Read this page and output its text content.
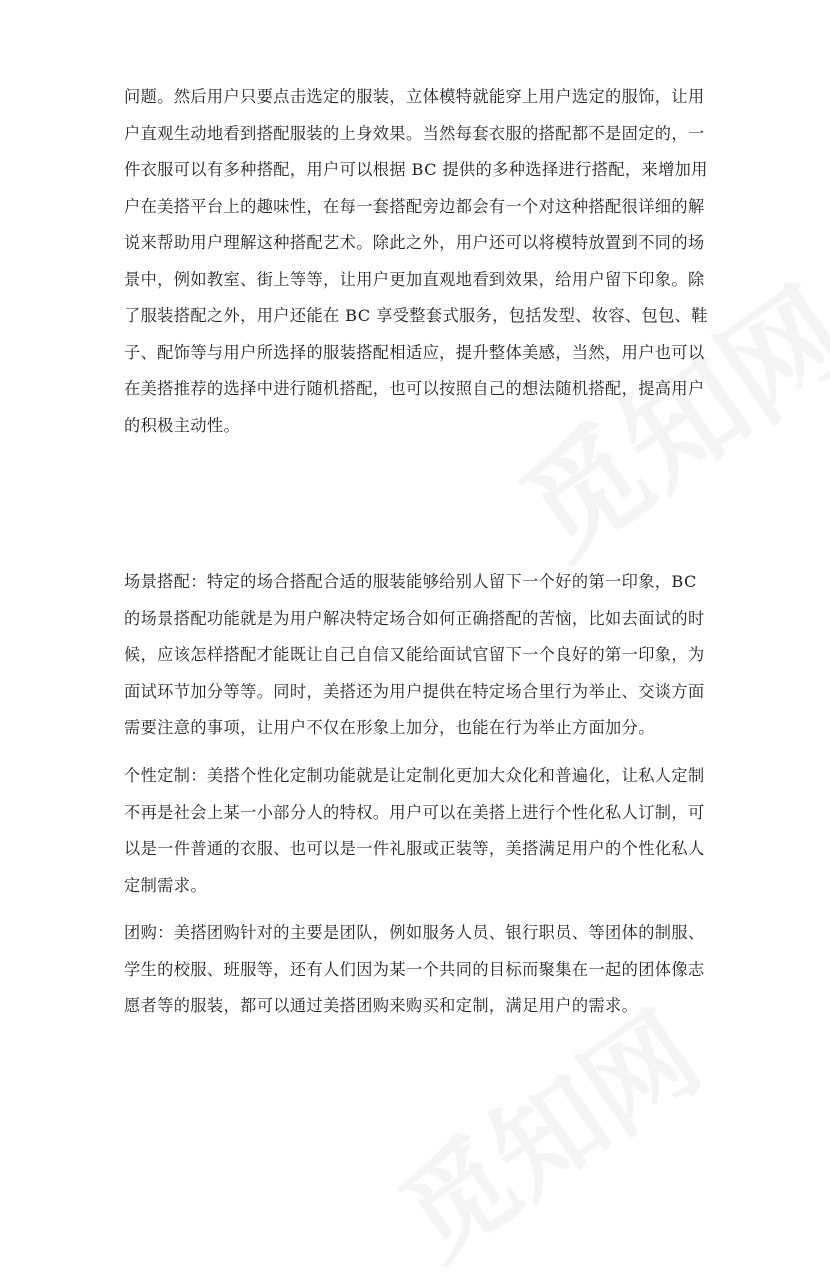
问题。然后用户只要点击选定的服装，立体模特就能穿上用户选定的服饰，让用
户直观生动地看到搭配服装的上身效果。当然每套衣服的搭配都不是固定的，一
件衣服可以有多种搭配，用户可以根据 BC 提供的多种选择进行搭配，来增加用
户在美搭平台上的趣味性，在每一套搭配旁边都会有一个对这种搭配很详细的解
说来帮助用户理解这种搭配艺术。除此之外，用户还可以将模特放置到不同的场
景中，例如教室、街上等等，让用户更加直观地看到效果，给用户留下印象。除
了服装搭配之外，用户还能在 BC 享受整套式服务，包括发型、妆容、包包、鞋
子、配饰等与用户所选择的服装搭配相适应，提升整体美感，当然，用户也可以
在美搭推荐的选择中进行随机搭配，也可以按照自己的想法随机搭配，提高用户
的积极主动性。

场景搭配：特定的场合搭配合适的服装能够给别人留下一个好的第一印象，BC
的场景搭配功能就是为用户解决特定场合如何正确搭配的苦恼，比如去面试的时
候，应该怎样搭配才能既让自己自信又能给面试官留下一个良好的第一印象，为
面试环节加分等等。同时，美搭还为用户提供在特定场合里行为举止、交谈方面
需要注意的事项，让用户不仅在形象上加分，也能在行为举止方面加分。

个性定制：美搭个性化定制功能就是让定制化更加大众化和普遍化，让私人定制
不再是社会上某一小部分人的特权。用户可以在美搭上进行个性化私人订制，可
以是一件普通的衣服、也可以是一件礼服或正装等，美搭满足用户的个性化私人
定制需求。

团购：美搭团购针对的主要是团队，例如服务人员、银行职员、等团体的制服、
学生的校服、班服等，还有人们因为某一个共同的目标而聚集在一起的团体像志
愿者等的服装，都可以通过美搭团购来购买和定制，满足用户的需求。
